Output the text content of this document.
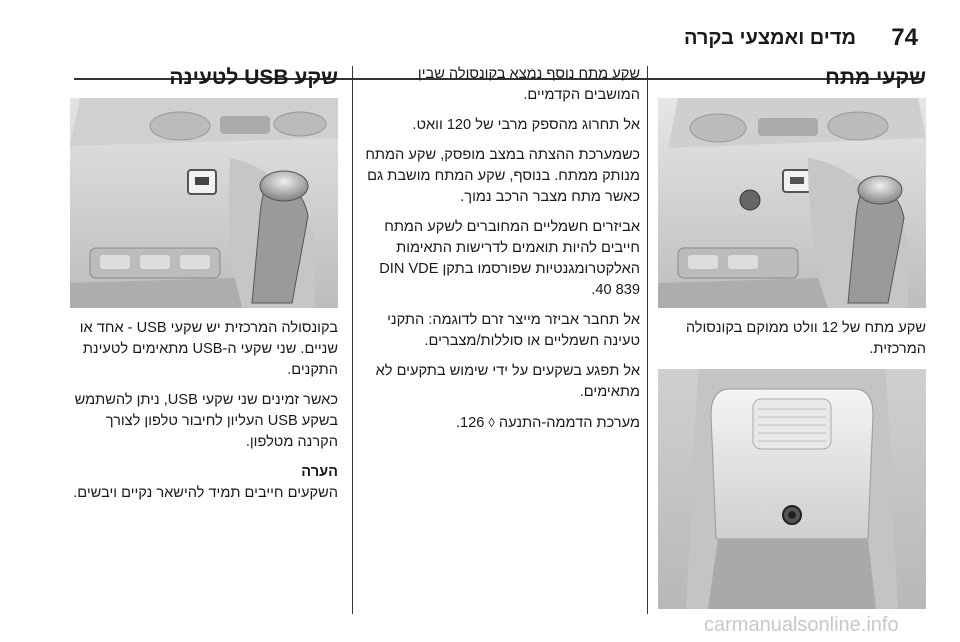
74
מדים ואמצעי בקרה
שקעי מתח
שקע מתח של 12 וולט ממוקם בקונסולה המרכזית.
שקע מתח נוסף נמצא בקונסולה שבין המושבים הקדמיים.
אל תחרוג מהספק מרבי של 120 וואט.
כשמערכת ההצתה במצב מופסק, שקע המתח מנותק ממתח. בנוסף, שקע המתח מושבת גם כאשר מתח מצבר הרכב נמוך.
אביזרים חשמליים המחוברים לשקע המתח חייבים להיות תואמים לדרישות התאימות האלקטרומגנטיות שפורסמו בתקן DIN VDE 40 839.
אל תחבר אביזר מייצר זרם לדוגמה: התקני טעינה חשמליים או סוללות/מצברים.
אל תפגע בשקעים על ידי שימוש בתקעים לא מתאימים.
מערכת הדממה-התנעה ◊ 126.
שקע USB לטעינה
בקונסולה המרכזית יש שקעי USB - אחד או שניים. שני שקעי ה-USB מתאימים לטעינת התקנים.
כאשר זמינים שני שקעי USB, ניתן להשתמש בשקע USB העליון לחיבור טלפון לצורך הקרנה מטלפון.
הערה
השקעים חייבים תמיד להישאר נקיים ויבשים.
carmanualsonline.info
